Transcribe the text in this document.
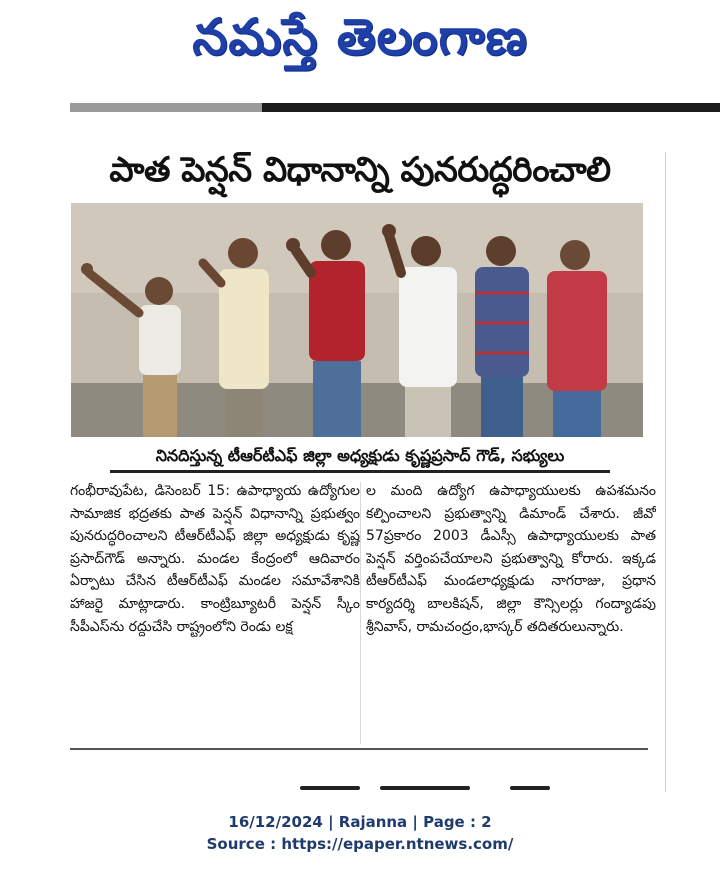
నమస్తే తెలంగాణ
పాత పెన్షన్ విధానాన్ని పునరుద్ధరించాలి
నినదిస్తున్న టీఆర్‌టీఎఫ్ జిల్లా అధ్యక్షుడు కృష్ణప్రసాద్ గౌడ్, సభ్యులు

గంభీరావుపేట, డిసెంబర్ 15: ఉపాధ్యాయ ఉద్యోగుల సామాజిక భద్రతకు పాత పెన్షన్ విధానాన్ని ప్రభుత్వం పునరుద్ధరించాలని టీఆర్‌టీఎఫ్ జిల్లా అధ్యక్షుడు కృష్ణ ప్రసాద్‌గౌడ్ అన్నారు. మండల కేంద్రంలో ఆదివారం ఏర్పాటు చేసిన టీఆర్‌టీఎఫ్ మండల సమావేశానికి హాజరై మాట్లాడారు. కాంట్రిబ్యూటరీ పెన్షన్ స్కీం సీపీఎస్‌ను రద్దుచేసి రాష్ట్రంలోని రెండు లక్ష

ల మంది ఉద్యోగ ఉపాధ్యాయులకు ఉపశమనం కల్పించాలని ప్రభుత్వాన్ని డిమాండ్ చేశారు. జీవో 57ప్రకారం 2003 డీఎస్సీ ఉపాధ్యాయులకు పాత పెన్షన్ వర్తింపచేయాలని ప్రభుత్వాన్ని కోరారు. ఇక్కడ టీఆర్‌టీఎఫ్ మండలాధ్యక్షుడు నాగరాజు, ప్రధాన కార్యదర్శి బాలకిషన్, జిల్లా కౌన్సిలర్లు గంద్యాడపు శ్రీనివాస్, రామచంద్రం,భాస్కర్ తదితరులున్నారు.

16/12/2024 | Rajanna | Page : 2
Source : https://epaper.ntnews.com/
